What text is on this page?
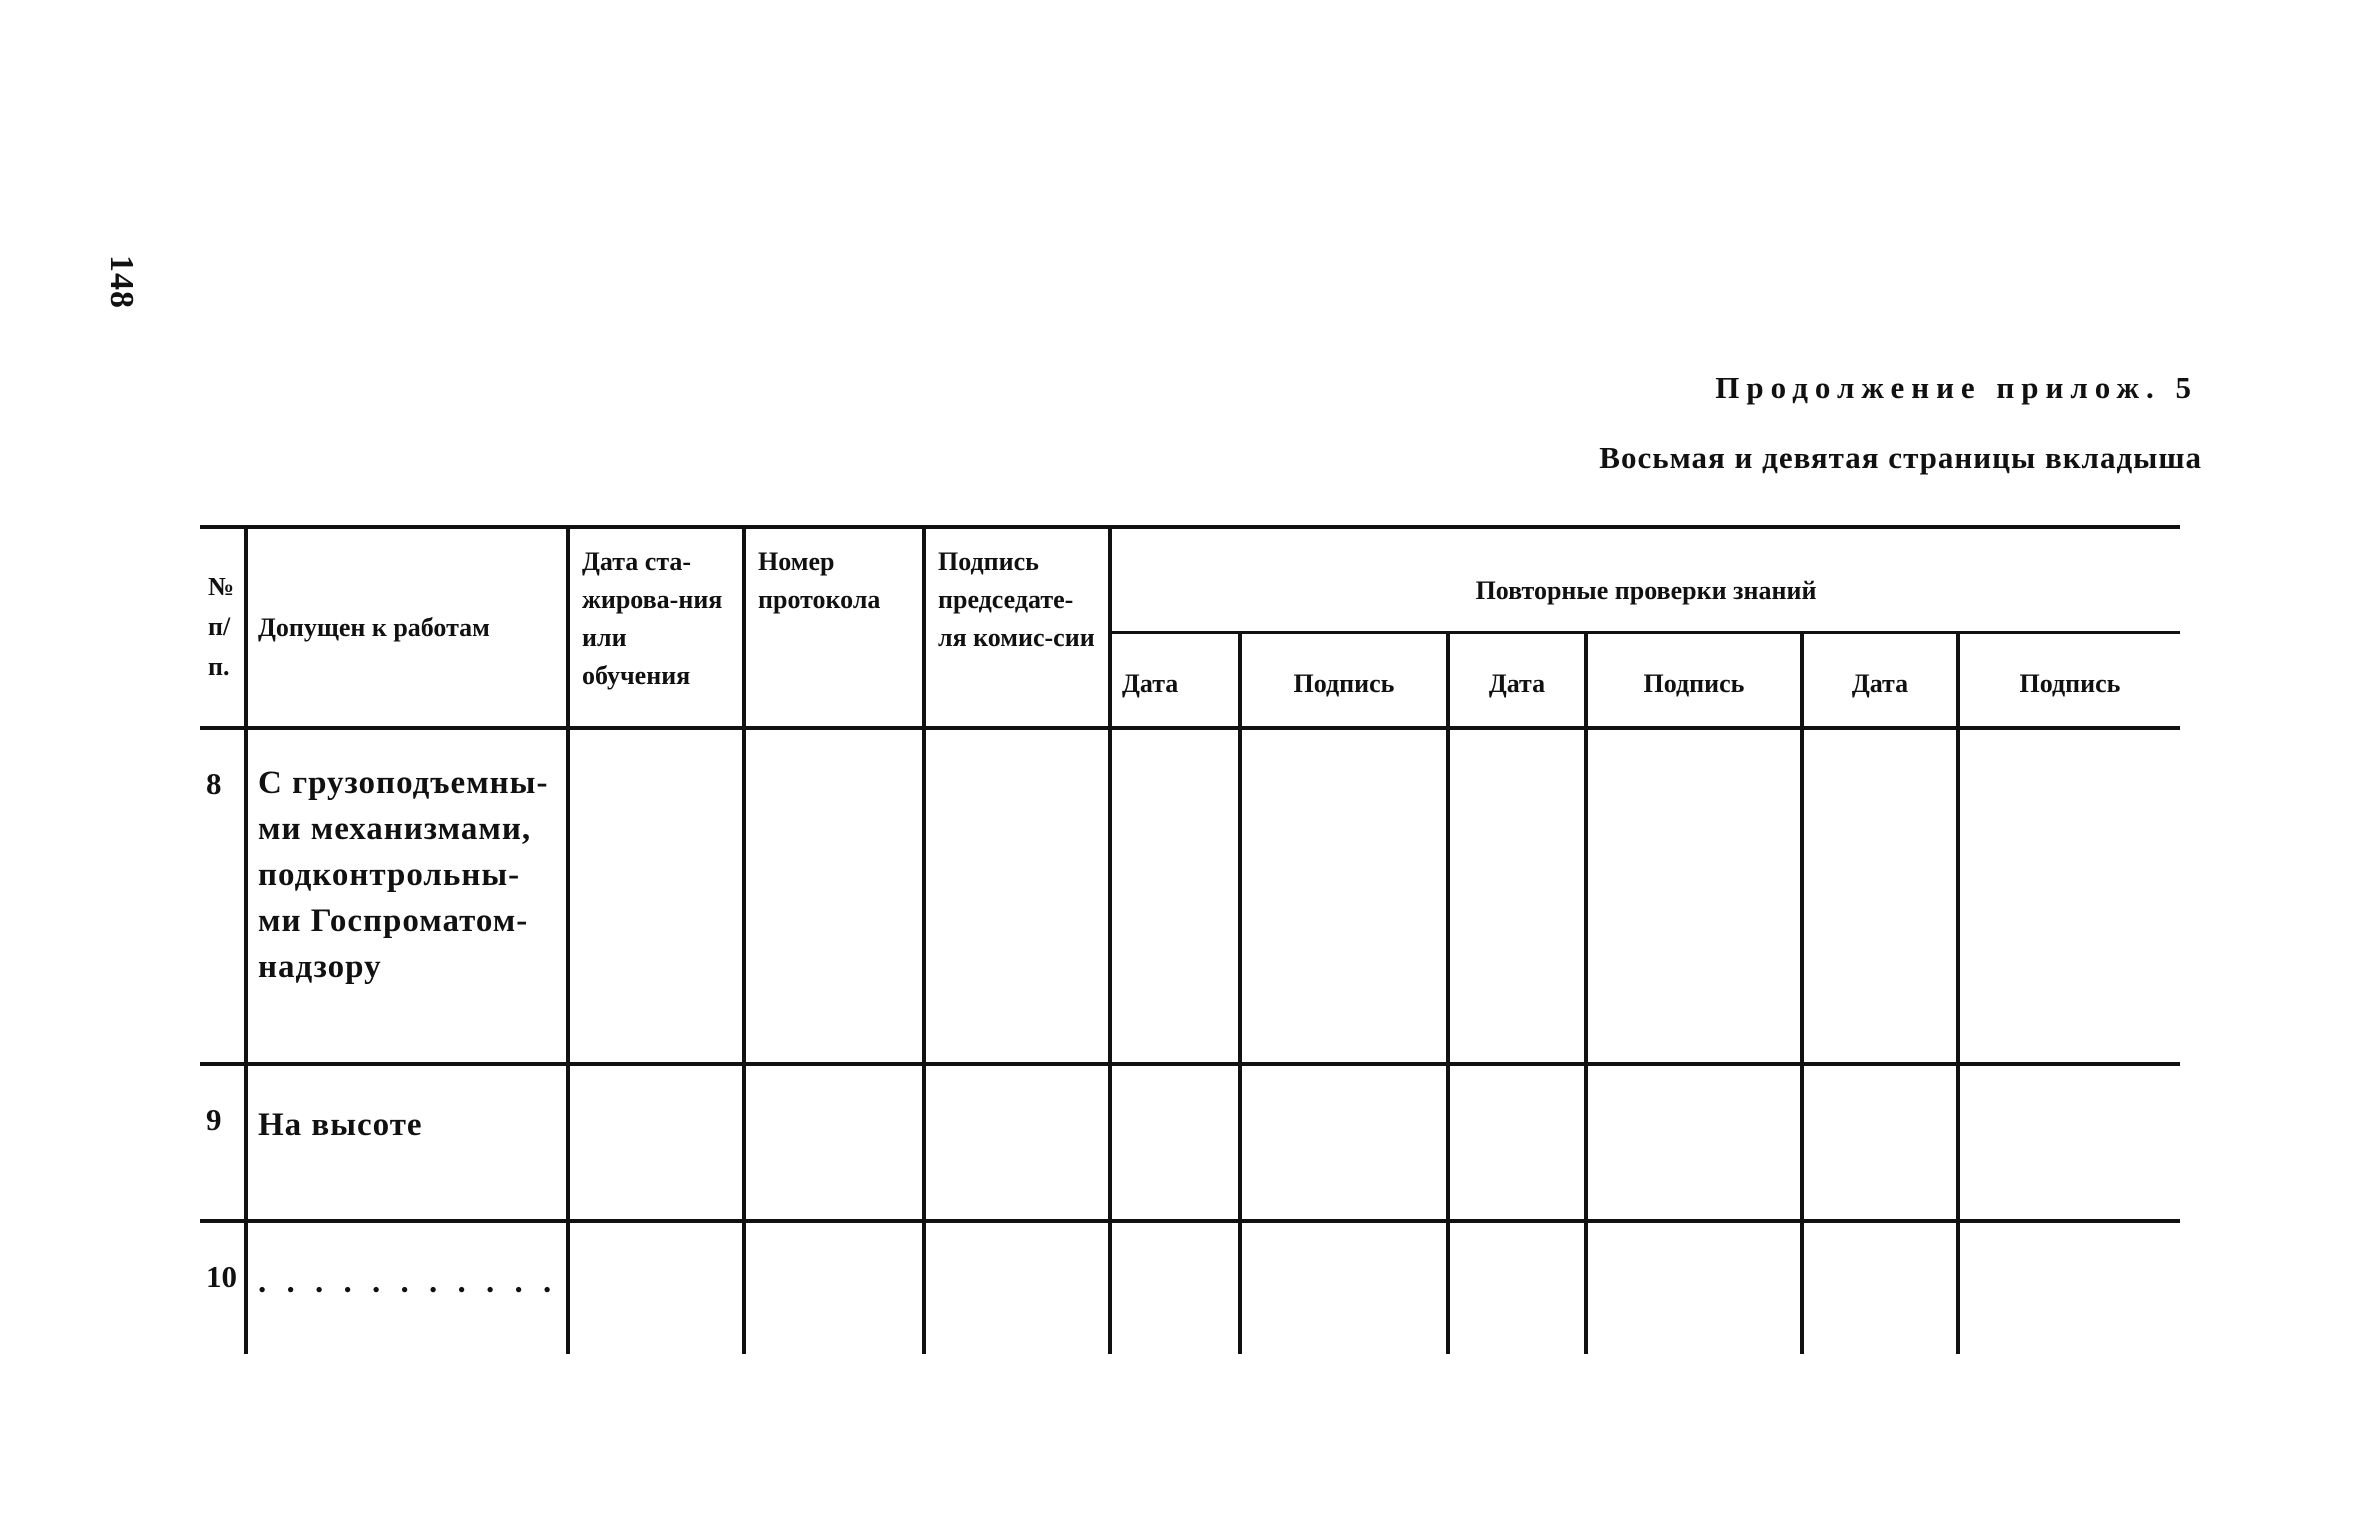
148
Продолжение прилож. 5
Восьмая и девятая страницы вкладыша
№ п/ п.	Допущен к работам	Дата ста-жирова-ния или обучения	Номер протокола	Подпись председате-ля комис-сии	Повторные проверки знаний					
					Дата	Подпись	Дата	Подпись	Дата	Подпись
8	С грузоподъемны-ми механизмами, подконтрольны-ми Госпроматом-надзору									
9	На высоте									
10	. . . . . . . . . . .									
